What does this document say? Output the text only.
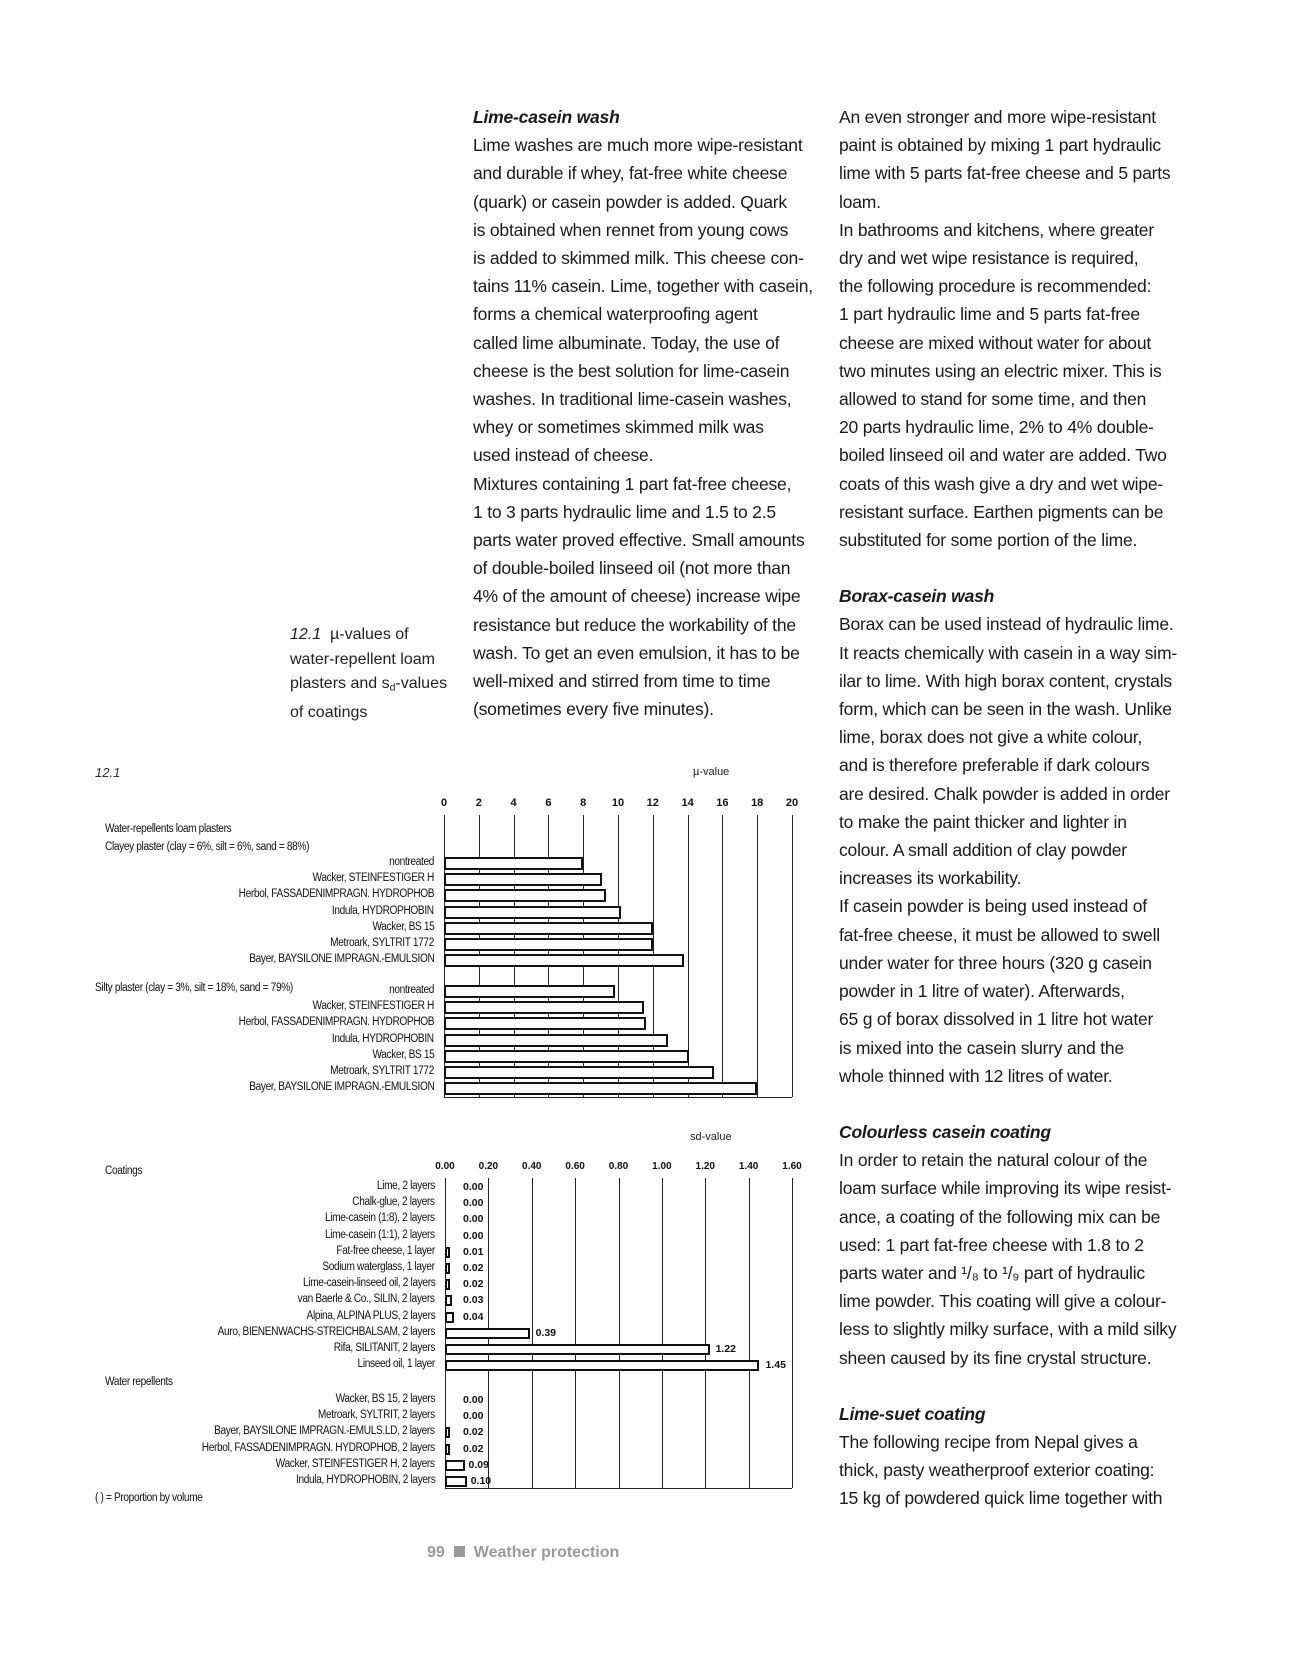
Lime-casein wash

Lime washes are much more wipe-resistant

and durable if whey, fat-free white cheese

(quark) or casein powder is added. Quark

is obtained when rennet from young cows

is added to skimmed milk. This cheese con-

tains 11% casein. Lime, together with casein,

forms a chemical waterproofing agent

called lime albuminate. Today, the use of

cheese is the best solution for lime-casein

washes. In traditional lime-casein washes,

whey or sometimes skimmed milk was

used instead of cheese.

Mixtures containing 1 part fat-free cheese,

1 to 3 parts hydraulic lime and 1.5 to 2.5

parts water proved effective. Small amounts

of double-boiled linseed oil (not more than

4% of the amount of cheese) increase wipe

resistance but reduce the workability of the

wash. To get an even emulsion, it has to be

well-mixed and stirred from time to time

(sometimes every five minutes).

An even stronger and more wipe-resistant

paint is obtained by mixing 1 part hydraulic

lime with 5 parts fat-free cheese and 5 parts

loam.

In bathrooms and kitchens, where greater

dry and wet wipe resistance is required,

the following procedure is recommended:

1 part hydraulic lime and 5 parts fat-free

cheese are mixed without water for about

two minutes using an electric mixer. This is

allowed to stand for some time, and then

20 parts hydraulic lime, 2% to 4% double-

boiled linseed oil and water are added. Two

coats of this wash give a dry and wet wipe-

resistant surface. Earthen pigments can be

substituted for some portion of the lime.

Borax-casein wash

Borax can be used instead of hydraulic lime.

It reacts chemically with casein in a way sim-

ilar to lime. With high borax content, crystals

form, which can be seen in the wash. Unlike

lime, borax does not give a white colour,

and is therefore preferable if dark colours

are desired. Chalk powder is added in order

to make the paint thicker and lighter in

colour. A small addition of clay powder

increases its workability.

If casein powder is being used instead of

fat-free cheese, it must be allowed to swell

under water for three hours (320 g casein

powder in 1 litre of water). Afterwards,

65 g of borax dissolved in 1 litre hot water

is mixed into the casein slurry and the

whole thinned with 12 litres of water.

Colourless casein coating

In order to retain the natural colour of the

loam surface while improving its wipe resist-

ance, a coating of the following mix can be

used: 1 part fat-free cheese with 1.8 to 2

parts water and ¹/₈ to ¹/₉ part of hydraulic

lime powder. This coating will give a colour-

less to slightly milky surface, with a mild silky

sheen caused by its fine crystal structure.

Lime-suet coating

The following recipe from Nepal gives a

thick, pasty weatherproof exterior coating:

15 kg of powdered quick lime together with

12.1 µ-values of water-repellent loam plasters and $s_d$-values of coatings
12.1	µ-value
0	2	4	6	8 10 12 14 16 18 20
Water-repellents loam plasters
Clayey plaster (clay = 6%, silt = 6%, sand = 88%)
nontreated
Wacker, STEINFESTIGER H
Herbol, FASSADENIMPRÄGN. HYDROPHOB
Indula, HYDROPHOBIN
Wacker, BS 15
Metroark, SYLTRIT 1772
Bayer, BAYSILONE IMPRÄGN.-EMULSION
Silty plaster (clay = 3%, silt = 18%, sand = 79%)	nontreated
Wacker, STEINFESTIGER H
Herbol, FASSADENIMPRÄGN. HYDROPHOB
Indula, HYDROPHOBIN
Wacker, BS 15
Metroark, SYLTRIT 1772
Bayer, BAYSILONE IMPRÄGN.-EMULSION
sd-value
0.00 0.20 0.40 0.60 0.80 1.00 1.20 1.40 1.60
Coatings
Lime, 2 layers	0.00
Chalk-glue, 2 layers	0.00
Lime-casein (1:8), 2 layers	0.00
Lime-casein (1:1), 2 layers	0.00
Fat-free cheese, 1 layer	0.01
Sodium waterglass, 1 layer	0.02
Lime-casein-linseed oil, 2 layers	0.02
van Baerle & Co., SILIN, 2 layers	0.03
Alpina, ALPINA PLUS, 2 layers	0.04
Auro, BIENENWACHS-STREICHBALSAM, 2 layers	0.39
Rifa, SILITANIT, 2 layers	1.22
Linseed oil, 1 layer	1.45
Water repellents
Wacker, BS 15, 2 layers	0.00
Metroark, SYLTRIT, 2 layers	0.00
Bayer, BAYSILONE IMPRÄGN.-EMULS.LD, 2 layers	0.02
Herbol, FASSADENIMPRÄGN. HYDROPHOB, 2 layers	0.02
Wacker, STEINFESTIGER H, 2 layers	0.09
Indula, HYDROPHOBIN, 2 layers	0.10
( ) = Proportion by volume
99 Weather protection
